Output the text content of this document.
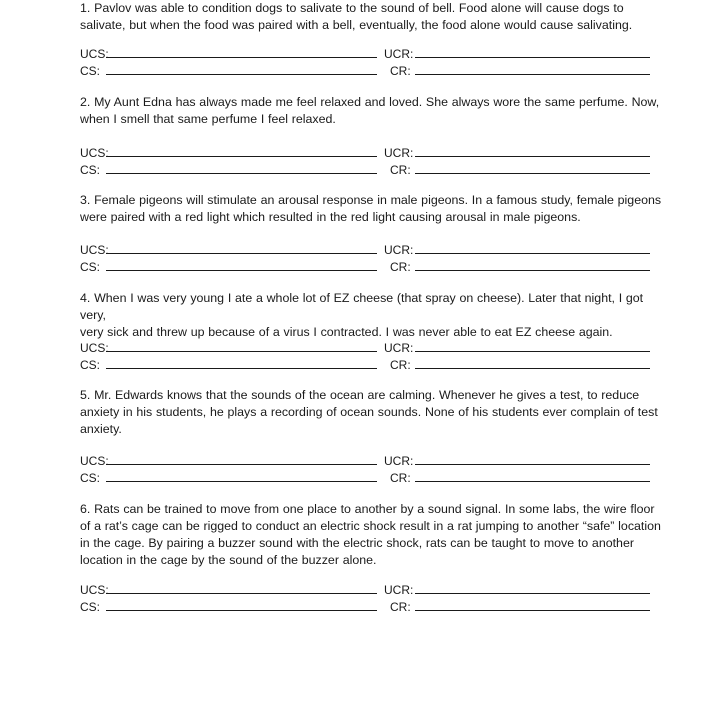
1. Pavlov was able to condition dogs to salivate to the sound of bell. Food alone will cause dogs to

salivate, but when the food was paired with a bell, eventually, the food alone would cause salivating.

UCS:	UCR:
CS:	CR:

2. My Aunt Edna has always made me feel relaxed and loved. She always wore the same perfume. Now,

when I smell that same perfume I feel relaxed.

UCS:	UCR:
CS:	CR:

3. Female pigeons will stimulate an arousal response in male pigeons. In a famous study, female pigeons

were paired with a red light which resulted in the red light causing arousal in male pigeons.

UCS:	UCR:
CS:	CR:

4. When I was very young I ate a whole lot of EZ cheese (that spray on cheese). Later that night, I got very,

very sick and threw up because of a virus I contracted. I was never able to eat EZ cheese again.

UCS:	UCR:
CS:	CR:

5. Mr. Edwards knows that the sounds of the ocean are calming. Whenever he gives a test, to reduce

anxiety in his students, he plays a recording of ocean sounds. None of his students ever complain of test

anxiety.

UCS:	UCR:
CS:	CR:

6. Rats can be trained to move from one place to another by a sound signal. In some labs, the wire floor

of a rat’s cage can be rigged to conduct an electric shock result in a rat jumping to another “safe” location

in the cage. By pairing a buzzer sound with the electric shock, rats can be taught to move to another

location in the cage by the sound of the buzzer alone.

UCS:	UCR:
CS:	CR:
